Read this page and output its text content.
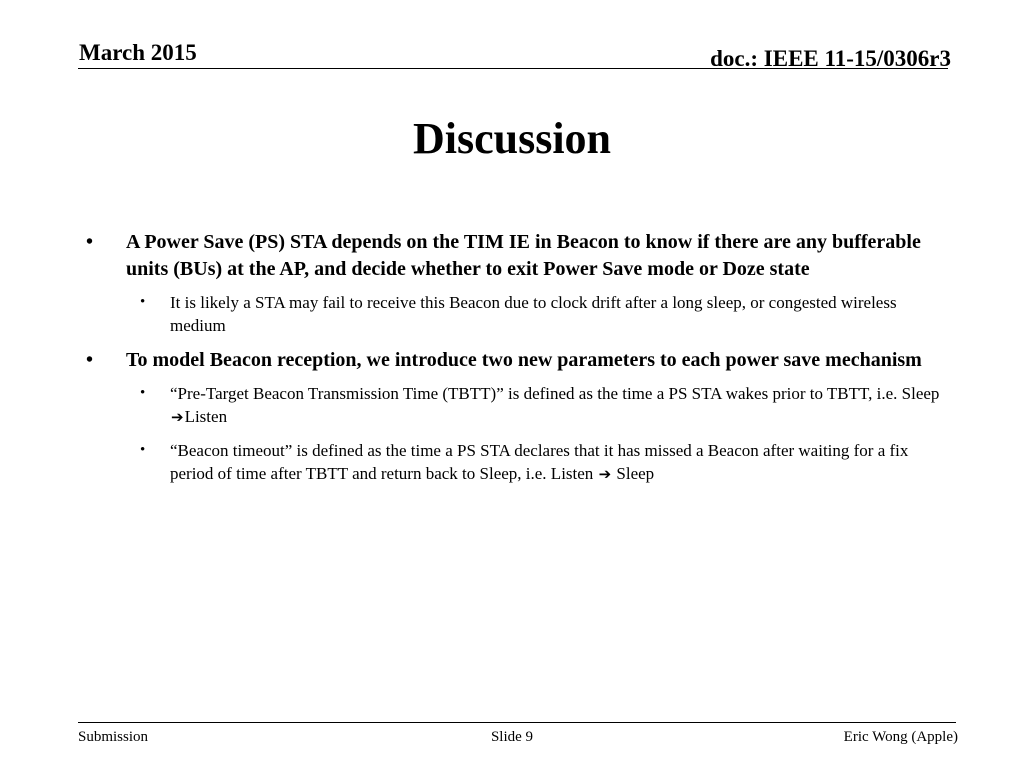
March 2015	doc.: IEEE 11-15/0306r3
Discussion
• A Power Save (PS) STA depends on the TIM IE in Beacon to know if there are any bufferable units (BUs) at the AP, and decide whether to exit Power Save mode or Doze state
• It is likely a STA may fail to receive this Beacon due to clock drift after a long sleep, or congested wireless medium
• To model Beacon reception, we introduce two new parameters to each power save mechanism
• “Pre-Target Beacon Transmission Time (TBTT)” is defined as the time a PS STA wakes prior to TBTT, i.e. Sleep ➔Listen
• “Beacon timeout” is defined as the time a PS STA declares that it has missed a Beacon after waiting for a fix period of time after TBTT and return back to Sleep, i.e. Listen ➔ Sleep
Submission	Slide 9	Eric Wong (Apple)
